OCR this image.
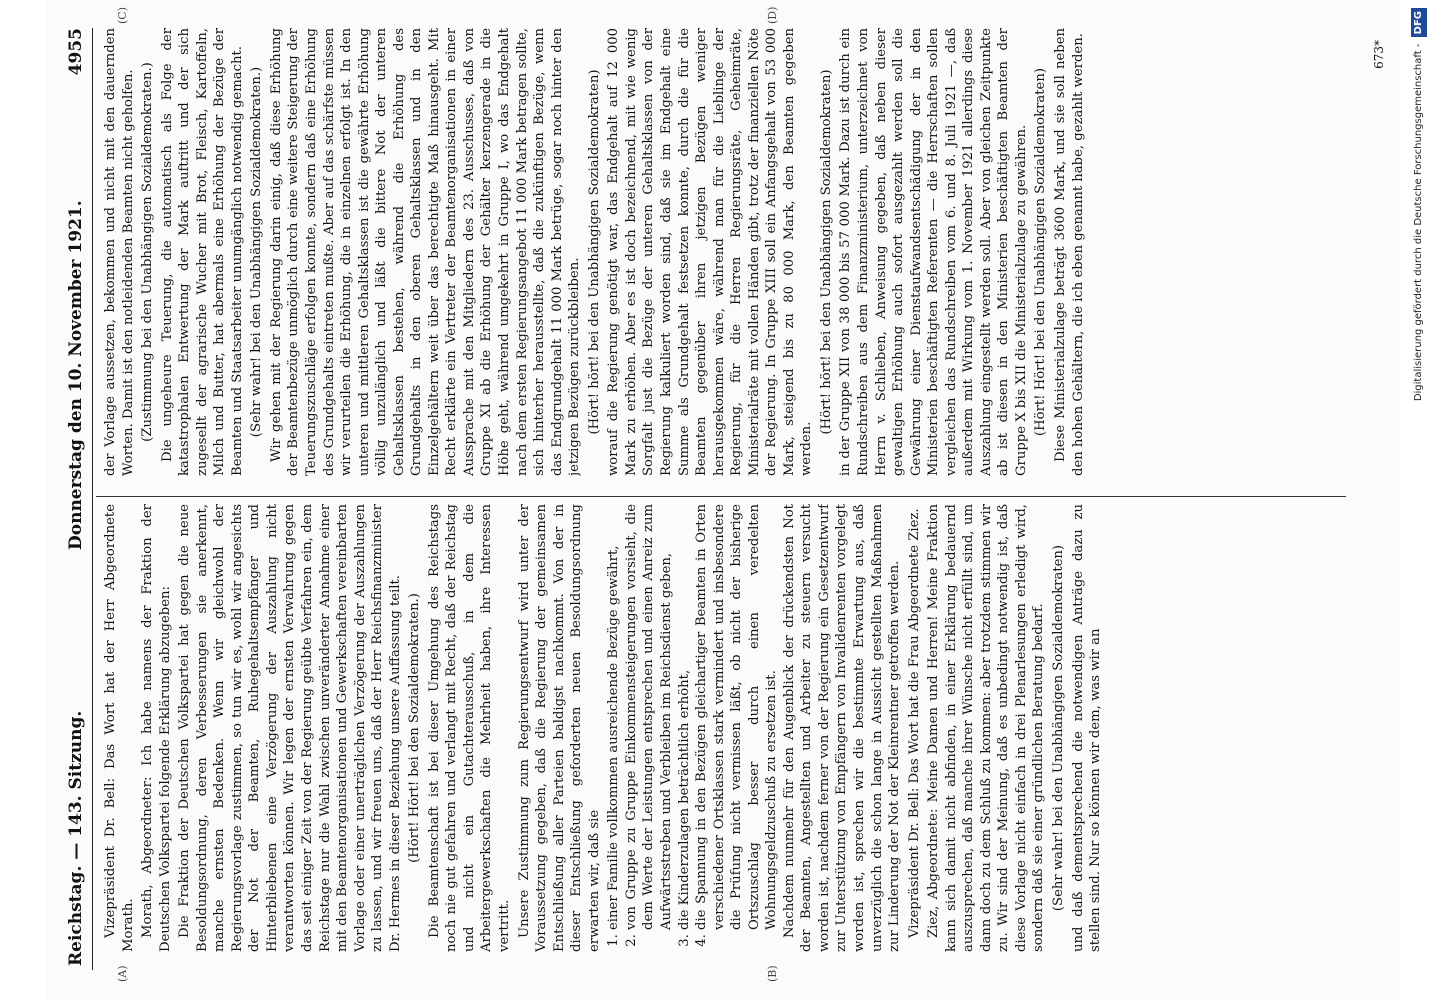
Reichstag. — 143. Sitzung.
Donnerstag den 10. November 1921.
4955
(A)	(B)
(C)	(D)

Vizepräsident Dr. Bell: Das Wort hat der Herr Abgeordnete Morath. Morath, Abgeordneter: Ich habe namens der Fraktion der Deutschen Volkspartei folgende Erklärung abzugeben: Die Fraktion der Deutschen Volkspartei hat gegen die neue Besoldungsordnung, deren Verbesserungen sie anerkennt, manche ernsten Bedenken. Wenn wir gleichwohl der Regierungsvorlage zustimmen, so tun wir es, wohl wir angesichts der Not der Beamten, Ruhegehaltsempfänger und Hinterbliebenen eine Verzögerung der Auszahlung nicht verantworten können. Wir legen der ernsten Verwahrung gegen das seit einiger Zeit von der Regierung geübte Verfahren ein, dem Reichstage nur die Wahl zwischen unveränderter Annahme einer mit den Beamtenorganisationen und Gewerkschaften vereinbarten Vorlage oder einer unerträglichen Verzögerung der Auszahlungen zu lassen, und wir freuen uns, daß der Herr Reichsfinanzminister Dr. Hermes in dieser Beziehung unsere Auffassung teilt. (Hört! Hört! bei den Sozialdemokraten.) Die Beamtenschaft ist bei dieser Umgehung des Reichstags noch nie gut gefahren und verlangt mit Recht, daß der Reichstag und nicht ein Gutachterausschuß, in dem die Arbeitergewerkschaften die Mehrheit haben, ihre Interessen vertritt. Unsere Zustimmung zum Regierungsentwurf wird unter der Voraussetzung gegeben, daß die Regierung der gemeinsamen Entschließung aller Parteien baldigst nachkommt. Von der in dieser Entschließung geforderten neuen Besoldungsordnung erwarten wir, daß sie 1. einer Familie vollkommen ausreichende Bezüge gewährt, 2. von Gruppe zu Gruppe Einkommensteigerungen vorsieht, die dem Werte der Leistungen entsprechen und einen Anreiz zum Aufwärtsstreben und Verbleiben im Reichsdienst geben, 3. die Kinderzulagen beträchtlich erhöht, 4. die Spannung in den Bezügen gleichartiger Beamten in Orten verschiedener Ortsklassen stark vermindert und insbesondere die Prüfung nicht vermissen läßt, ob nicht der bisherige Ortszuschlag besser durch einen veredelten Wohnungsgeldzuschuß zu ersetzen ist. Nachdem nunmehr für den Augenblick der drückendsten Not der Beamten, Angestellten und Arbeiter zu steuern versucht worden ist, nachdem ferner von der Regierung ein Gesetzentwurf zur Unterstützung von Empfängern von Invalidenrenten vorgelegt worden ist, sprechen wir die bestimmte Erwartung aus, daß unverzüglich die schon lange in Aussicht gestellten Maßnahmen zur Linderung der Not der Kleinrentner getroffen werden. Vizepräsident Dr. Bell: Das Wort hat die Frau Abgeordnete Ziez. Ziez, Abgeordnete: Meine Damen und Herren! Meine Fraktion kann sich damit nicht abfinden, in einer Erklärung bedauernd auszusprechen, daß manche ihrer Wünsche nicht erfüllt sind, um dann doch zu dem Schluß zu kommen: aber trotzdem stimmen wir zu. Wir sind der Meinung, daß es unbedingt notwendig ist, daß diese Vorlage nicht einfach in drei Plenarlesungen erledigt wird, sondern daß sie einer gründlichen Beratung bedarf. (Sehr wahr! bei den Unabhängigen Sozialdemokraten) und daß dementsprechend die notwendigen Anträge dazu zu stellen sind. Nur so können wir dem, was wir an

der Vorlage aussetzen, bekommen und nicht mit den dauernden Worten. Damit ist den notleidenden Beamten nicht geholfen. (Zustimmung bei den Unabhängigen Sozialdemokraten.) Die ungeheure Teuerung, die automatisch als Folge der katastrophalen Entwertung der Mark auftritt und der sich zugesellt der agrarische Wucher mit Brot, Fleisch, Kartoffeln, Milch und Butter, hat abermals eine Erhöhung der Bezüge der Beamten und Staatsarbeiter unumgänglich notwendig gemacht. (Sehr wahr! bei den Unabhängigen Sozialdemokraten.) Wir gehen mit der Regierung darin einig, daß diese Erhöhung der Beamtenbezüge unmöglich durch eine weitere Steigerung der Teuerungszuschläge erfolgen konnte, sondern daß eine Erhöhung des Grundgehalts eintreten mußte. Aber auf das schärfste müssen wir verurteilen die Erhöhung, die in einzelnen erfolgt ist. In den unteren und mittleren Gehaltsklassen ist die gewährte Erhöhung völlig unzulänglich und läßt die bittere Not der unteren Gehaltsklassen bestehen, während die Erhöhung des Grundgehalts in den oberen Gehaltsklassen und in den Einzelgehältern weit über das berechtigte Maß hinausgeht. Mit Recht erklärte ein Vertreter der Beamtenorganisationen in einer Aussprache mit den Mitgliedern des 23. Ausschusses, daß von Gruppe XI ab die Erhöhung der Gehälter kerzengerade in die Höhe geht, während umgekehrt in Gruppe I, wo das Endgehalt nach dem ersten Regierungsangebot 11 000 Mark betragen sollte, sich hinterher herausstellte, daß die zukünftigen Bezüge, wenn das Endgrundgehalt 11 000 Mark betrüge, sogar noch hinter den jetzigen Bezügen zurückbleiben. (Hört! hört! bei den Unabhängigen Sozialdemokraten) worauf die Regierung genötigt war, das Endgehalt auf 12 000 Mark zu erhöhen. Aber es ist doch bezeichnend, mit wie wenig Sorgfalt just die Bezüge der unteren Gehaltsklassen von der Regierung kalkuliert worden sind, daß sie im Endgehalt eine Summe als Grundgehalt festsetzen konnte, durch die für die Beamten gegenüber ihren jetzigen Bezügen weniger herausgekommen wäre, während man für die Lieblinge der Regierung, für die Herren Regierungsräte, Geheimräte, Ministerialräte mit vollen Händen gibt, trotz der finanziellen Nöte der Regierung. In Gruppe XIII soll ein Anfangsgehalt von 53 000 Mark, steigend bis zu 80 000 Mark, den Beamten gegeben werden.

(Hört! hört! bei den Unabhängigen Sozialdemokraten) in der Gruppe XII von 38 000 bis 57 000 Mark. Dazu ist durch ein Rundschreiben aus dem Finanzministerium, unterzeichnet von Herrn v. Schlieben, Anweisung gegeben, daß neben dieser gewaltigen Erhöhung auch sofort ausgezahlt werden soll die Gewährung einer Dienstaufwandsentschädigung der in den Ministerien beschäftigten Referenten — die Herrschaften sollen vergleichen das Rundschreiben vom 6. und 8. Juli 1921 —, daß außerdem mit Wirkung vom 1. November 1921 allerdings diese Auszahlung eingestellt werden soll. Aber von gleichen Zeitpunkte ab ist diesen in den Ministerien beschäftigten Beamten der Gruppe X bis XII die Ministerialzulage zu gewähren. (Hört! Hört! bei den Unabhängigen Sozialdemokraten) Diese Ministerialzulage beträgt 3600 Mark, und sie soll neben den hohen Gehältern, die ich eben genannt habe, gezahlt werden.	673*	Digitalisierung gefördert durch die Deutsche Forschungsgemeinschaft - DFG
